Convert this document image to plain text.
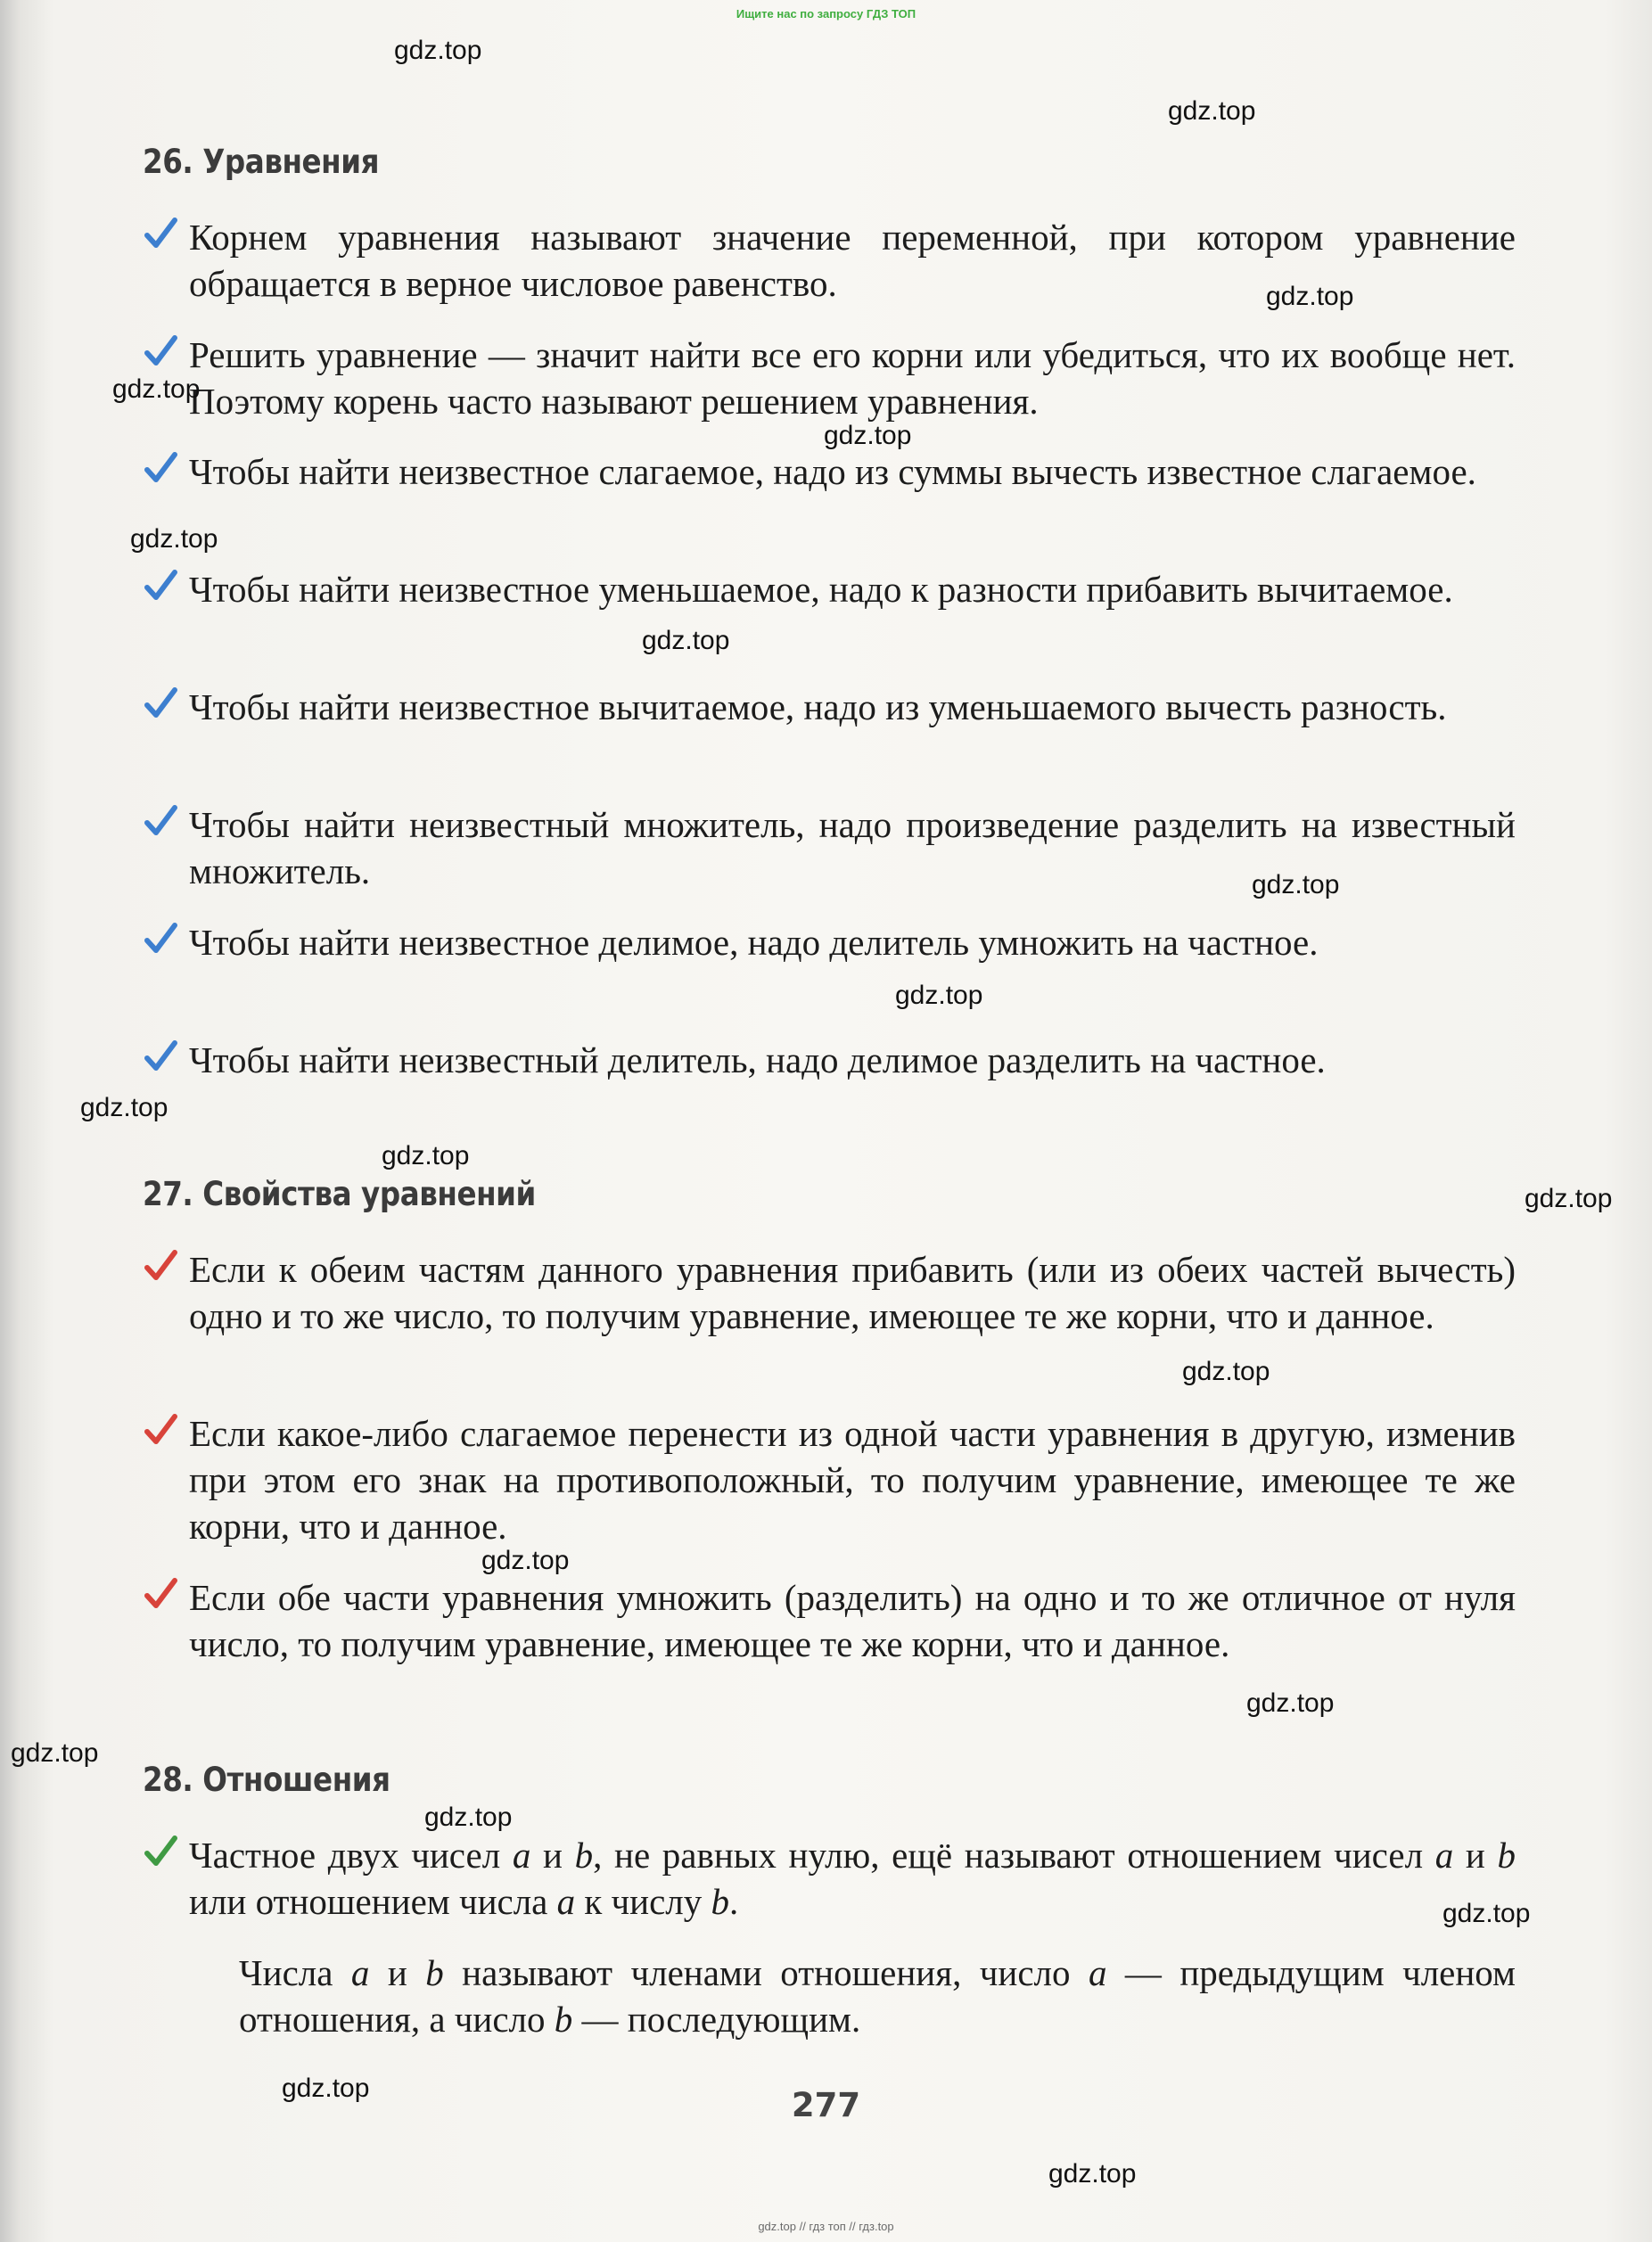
Ищите нас по запросу ГДЗ ТОП
26. Уравнения

Корнем уравнения называют значение переменной, при котором уравнение обращается в верное числовое равенство.

Решить уравнение — значит найти все его корни или убедиться, что их вообще нет. Поэтому корень часто называют решением уравнения.

Чтобы найти неизвестное слагаемое, надо из суммы вычесть известное слагаемое.

Чтобы найти неизвестное уменьшаемое, надо к разности прибавить вычитаемое.

Чтобы найти неизвестное вычитаемое, надо из уменьшаемого вычесть разность.

Чтобы найти неизвестный множитель, надо произведение разделить на известный множитель.

Чтобы найти неизвестное делимое, надо делитель умножить на частное.

Чтобы найти неизвестный делитель, надо делимое разделить на частное.

27. Свойства уравнений

Если к обеим частям данного уравнения прибавить (или из обеих частей вычесть) одно и то же число, то получим уравнение, имеющее те же корни, что и данное.

Если какое-либо слагаемое перенести из одной части уравнения в другую, изменив при этом его знак на противоположный, то получим уравнение, имеющее те же корни, что и данное.

Если обе части уравнения умножить (разделить) на одно и то же отличное от нуля число, то получим уравнение, имеющее те же корни, что и данное.

28. Отношения

Частное двух чисел a и b, не равных нулю, ещё называют отношением чисел a и b или отношением числа a к числу b.

Числа a и b называют членами отношения, число a — предыдущим членом отношения, а число b — последующим.

277
gdz.top
gdz.top
gdz.top
gdz.top
gdz.top
gdz.top
gdz.top
gdz.top
gdz.top
gdz.top
gdz.top
gdz.top
gdz.top
gdz.top
gdz.top
gdz.top
gdz.top
gdz.top
gdz.top
gdz.top
gdz.top // гдз топ // гдз.top
